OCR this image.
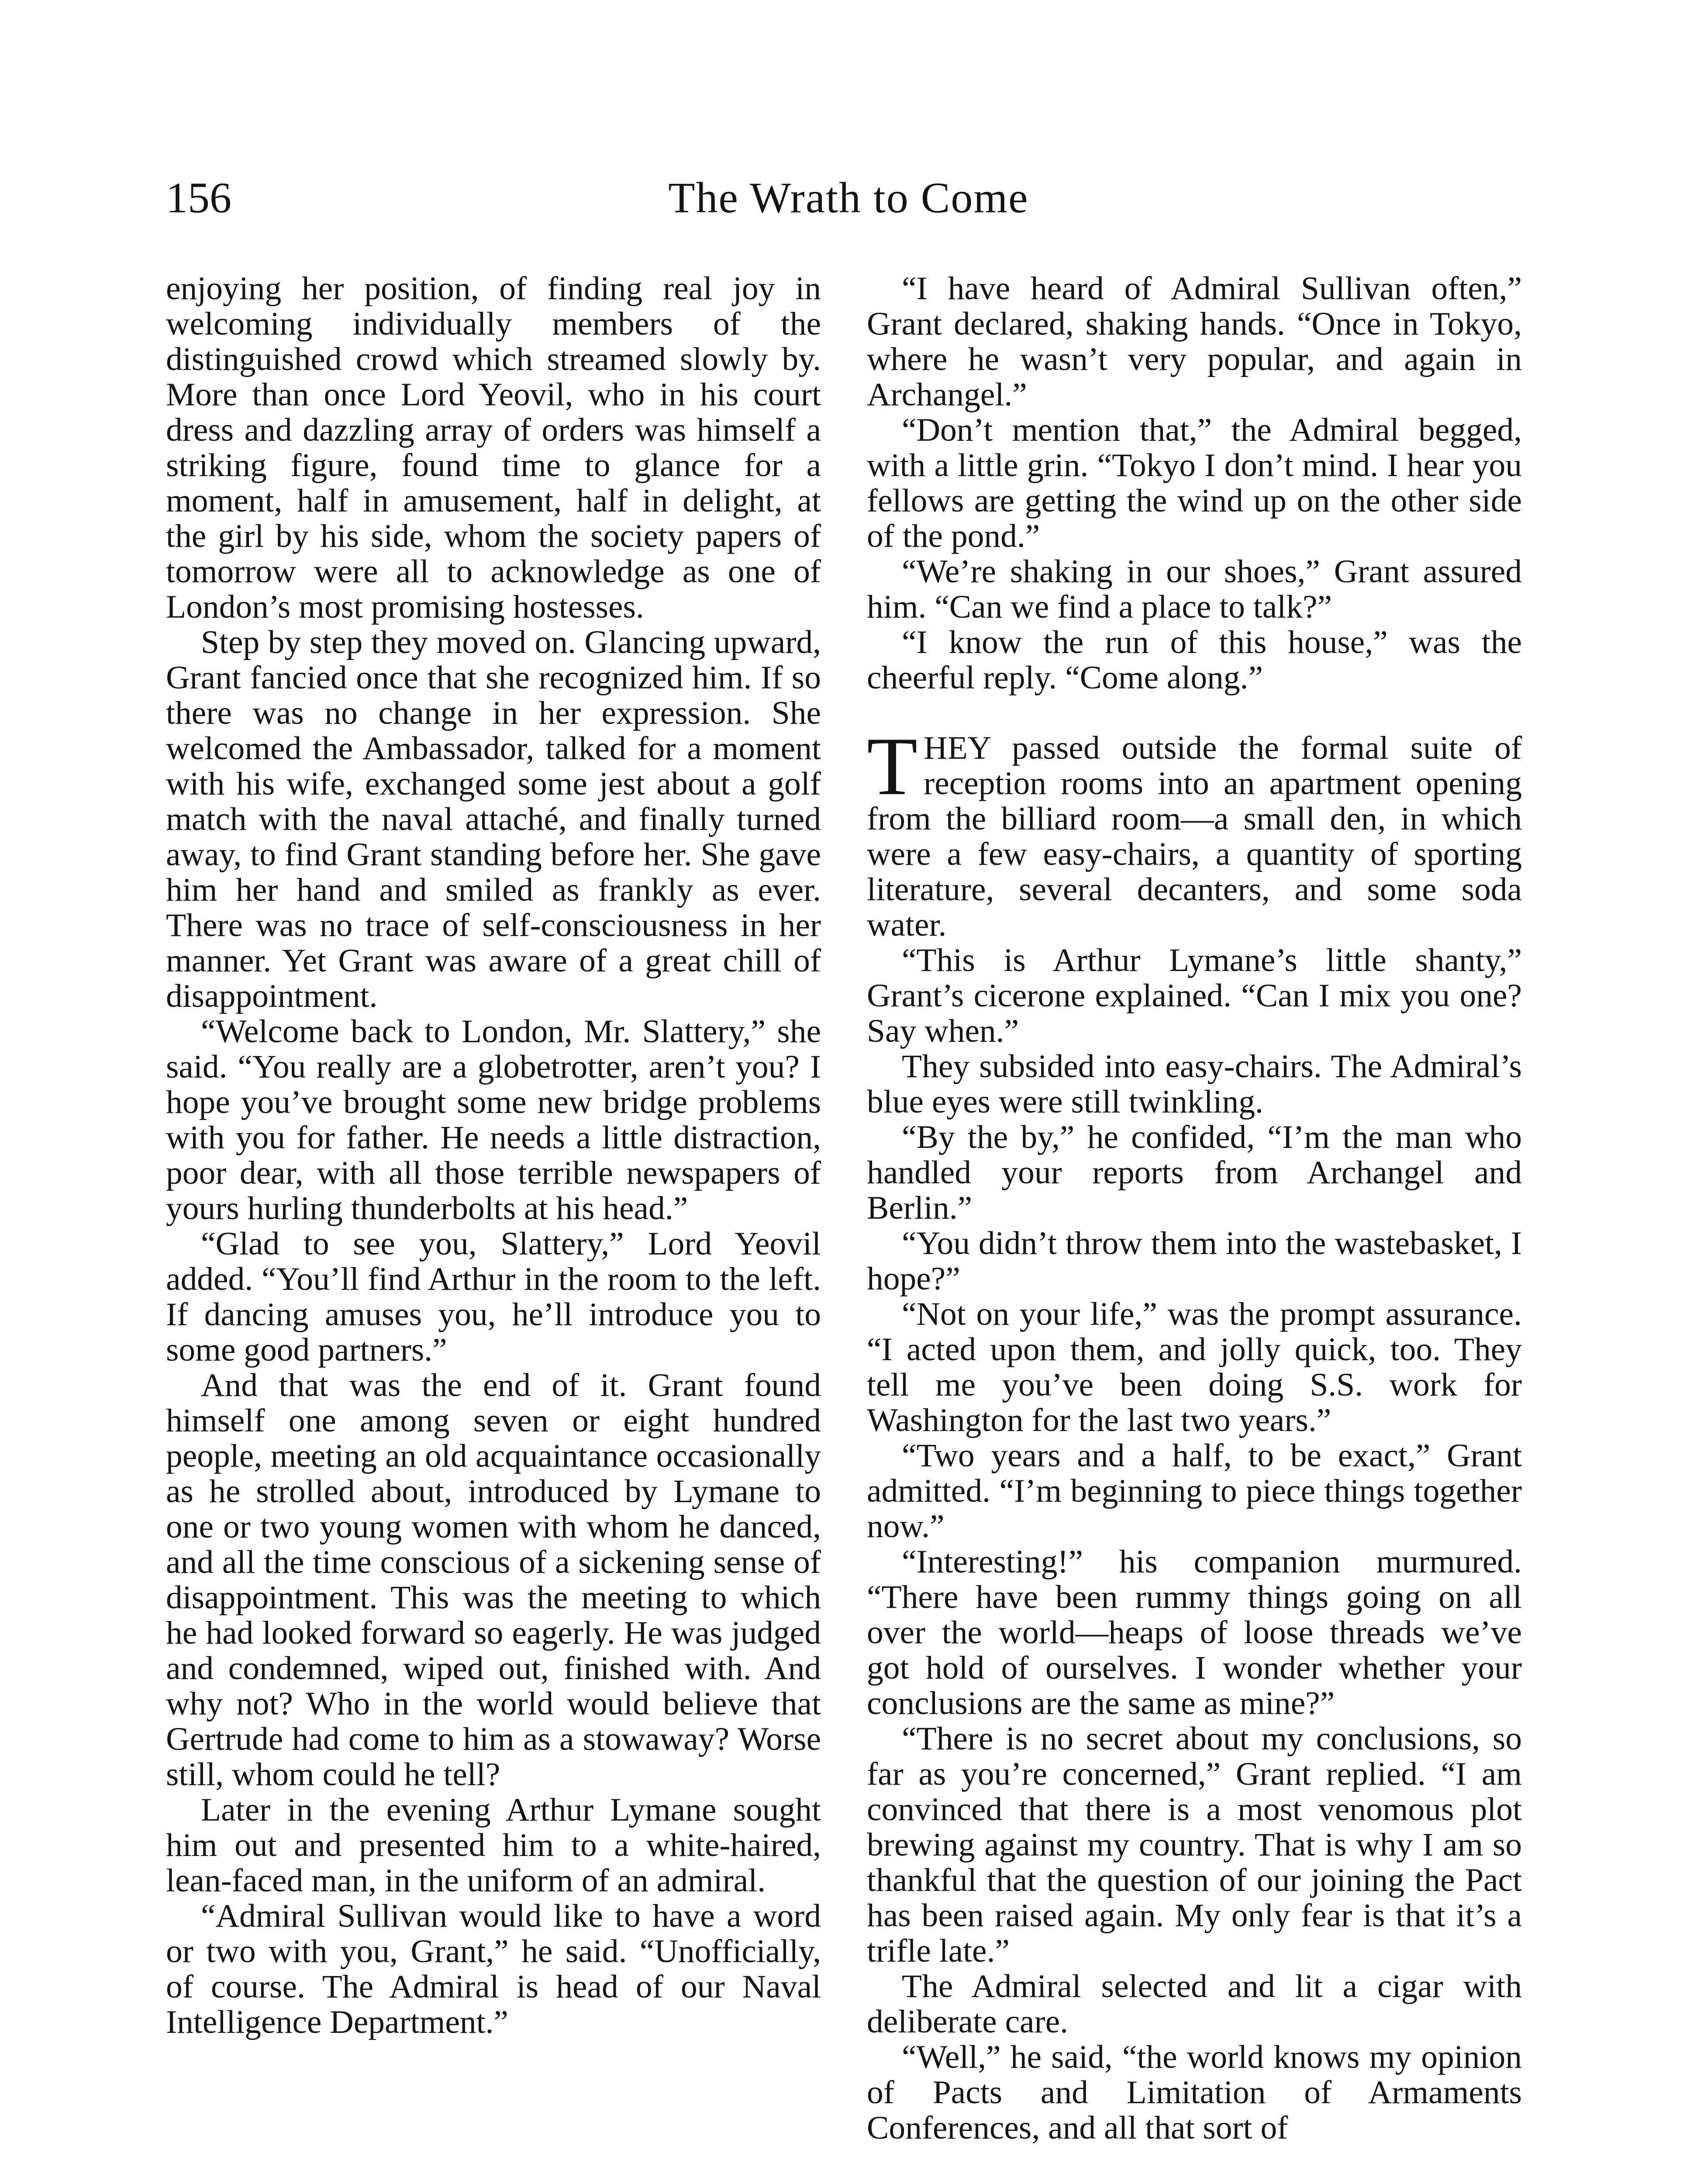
156	The Wrath to Come

enjoying her position, of finding real joy in welcoming individually members of the distinguished crowd which streamed slowly by. More than once Lord Yeovil, who in his court dress and dazzling array of orders was himself a striking figure, found time to glance for a moment, half in amusement, half in delight, at the girl by his side, whom the society papers of tomorrow were all to acknowledge as one of London’s most promising hostesses.

Step by step they moved on. Glancing upward, Grant fancied once that she recognized him. If so there was no change in her expression. She welcomed the Ambassador, talked for a moment with his wife, exchanged some jest about a golf match with the naval attaché, and finally turned away, to find Grant standing before her. She gave him her hand and smiled as frankly as ever. There was no trace of self-consciousness in her manner. Yet Grant was aware of a great chill of disappointment.

“Welcome back to London, Mr. Slattery,” she said. “You really are a globetrotter, aren’t you? I hope you’ve brought some new bridge problems with you for father. He needs a little distraction, poor dear, with all those terrible newspapers of yours hurling thunderbolts at his head.”

“Glad to see you, Slattery,” Lord Yeovil added. “You’ll find Arthur in the room to the left. If dancing amuses you, he’ll introduce you to some good partners.”

And that was the end of it. Grant found himself one among seven or eight hundred people, meeting an old acquaintance occasionally as he strolled about, introduced by Lymane to one or two young women with whom he danced, and all the time conscious of a sickening sense of disappointment. This was the meeting to which he had looked forward so eagerly. He was judged and condemned, wiped out, finished with. And why not? Who in the world would believe that Gertrude had come to him as a stowaway? Worse still, whom could he tell?

Later in the evening Arthur Lymane sought him out and presented him to a white-haired, lean-faced man, in the uniform of an admiral.

“Admiral Sullivan would like to have a word or two with you, Grant,” he said. “Unofficially, of course. The Admiral is head of our Naval Intelligence Department.”

“I have heard of Admiral Sullivan often,” Grant declared, shaking hands. “Once in Tokyo, where he wasn’t very popular, and again in Archangel.”

“Don’t mention that,” the Admiral begged, with a little grin. “Tokyo I don’t mind. I hear you fellows are getting the wind up on the other side of the pond.”

“We’re shaking in our shoes,” Grant assured him. “Can we find a place to talk?”

“I know the run of this house,” was the cheerful reply. “Come along.”

THEY passed outside the formal suite of reception rooms into an apartment opening from the billiard room—a small den, in which were a few easy-chairs, a quantity of sporting literature, several decanters, and some soda water.

“This is Arthur Lymane’s little shanty,” Grant’s cicerone explained. “Can I mix you one? Say when.”

They subsided into easy-chairs. The Admiral’s blue eyes were still twinkling.

“By the by,” he confided, “I’m the man who handled your reports from Archangel and Berlin.”

“You didn’t throw them into the wastebasket, I hope?”

“Not on your life,” was the prompt assurance. “I acted upon them, and jolly quick, too. They tell me you’ve been doing S.S. work for Washington for the last two years.”

“Two years and a half, to be exact,” Grant admitted. “I’m beginning to piece things together now.”

“Interesting!” his companion murmured. “There have been rummy things going on all over the world—heaps of loose threads we’ve got hold of ourselves. I wonder whether your conclusions are the same as mine?”

“There is no secret about my conclusions, so far as you’re concerned,” Grant replied. “I am convinced that there is a most venomous plot brewing against my country. That is why I am so thankful that the question of our joining the Pact has been raised again. My only fear is that it’s a trifle late.”

The Admiral selected and lit a cigar with deliberate care.

“Well,” he said, “the world knows my opinion of Pacts and Limitation of Armaments Conferences, and all that sort of
